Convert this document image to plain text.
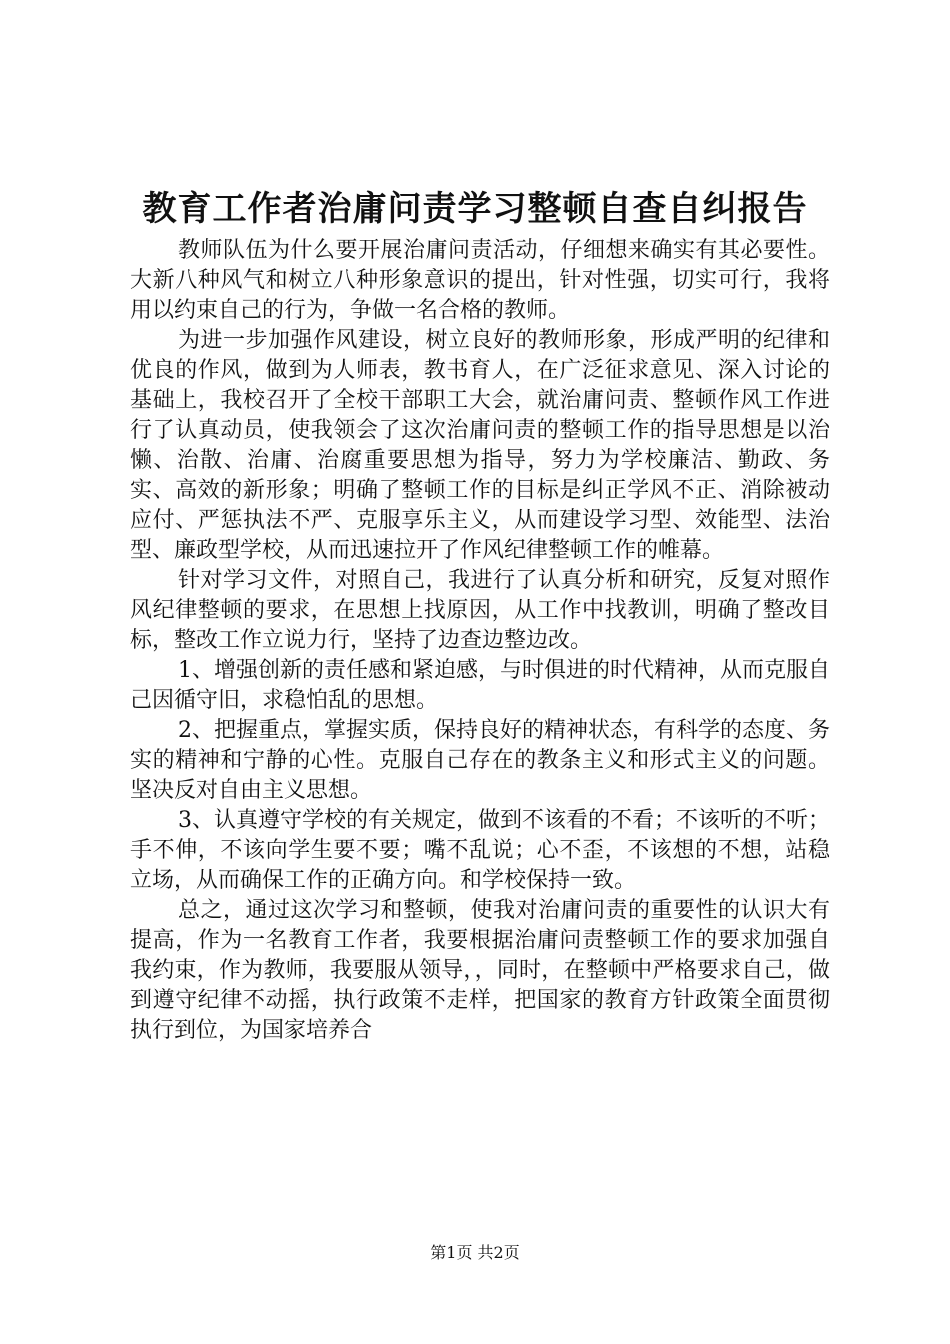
教育工作者治庸问责学习整顿自查自纠报告

教师队伍为什么要开展治庸问责活动，仔细想来确实有其必要性。大新八种风气和树立八种形象意识的提出，针对性强，切实可行，我将用以约束自己的行为，争做一名合格的教师。

为进一步加强作风建设，树立良好的教师形象，形成严明的纪律和优良的作风，做到为人师表，教书育人，在广泛征求意见、深入讨论的基础上，我校召开了全校干部职工大会，就治庸问责、整顿作风工作进行了认真动员，使我领会了这次治庸问责的整顿工作的指导思想是以治懒、治散、治庸、治腐重要思想为指导，努力为学校廉洁、勤政、务实、高效的新形象；明确了整顿工作的目标是纠正学风不正、消除被动应付、严惩执法不严、克服享乐主义，从而建设学习型、效能型、法治型、廉政型学校，从而迅速拉开了作风纪律整顿工作的帷幕。

针对学习文件，对照自己，我进行了认真分析和研究，反复对照作风纪律整顿的要求，在思想上找原因，从工作中找教训，明确了整改目标，整改工作立说力行，坚持了边查边整边改。

1、增强创新的责任感和紧迫感，与时俱进的时代精神，从而克服自己因循守旧，求稳怕乱的思想。

2、把握重点，掌握实质，保持良好的精神状态，有科学的态度、务实的精神和宁静的心性。克服自己存在的教条主义和形式主义的问题。坚决反对自由主义思想。

3、认真遵守学校的有关规定，做到不该看的不看；不该听的不听；手不伸，不该向学生要不要；嘴不乱说；心不歪，不该想的不想，站稳立场，从而确保工作的正确方向。和学校保持一致。

总之，通过这次学习和整顿，使我对治庸问责的重要性的认识大有提高，作为一名教育工作者，我要根据治庸问责整顿工作的要求加强自我约束，作为教师，我要服从领导，，同时，在整顿中严格要求自己，做到遵守纪律不动摇，执行政策不走样，把国家的教育方针政策全面贯彻执行到位，为国家培养合

第1页 共2页
